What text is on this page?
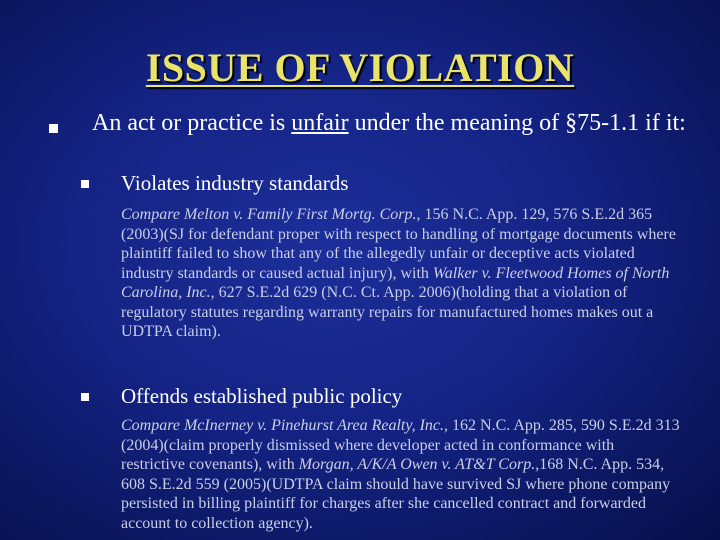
ISSUE OF VIOLATION
An act or practice is unfair under the meaning of §75-1.1 if it:
Violates industry standards
Compare Melton v. Family First Mortg. Corp., 156 N.C. App. 129, 576 S.E.2d 365 (2003)(SJ for defendant proper with respect to handling of mortgage documents where plaintiff failed to show that any of the allegedly unfair or deceptive acts violated industry standards or caused actual injury), with Walker v. Fleetwood Homes of North Carolina, Inc., 627 S.E.2d 629 (N.C. Ct. App. 2006)(holding that a violation of regulatory statutes regarding warranty repairs for manufactured homes makes out a UDTPA claim).
Offends established public policy
Compare McInerney v. Pinehurst Area Realty, Inc., 162 N.C. App. 285, 590 S.E.2d 313 (2004)(claim properly dismissed where developer acted in conformance with restrictive covenants), with Morgan, A/K/A Owen v. AT&T Corp.,168 N.C. App. 534, 608 S.E.2d 559 (2005)(UDTPA claim should have survived SJ where phone company persisted in billing plaintiff for charges after she cancelled contract and forwarded account to collection agency).
